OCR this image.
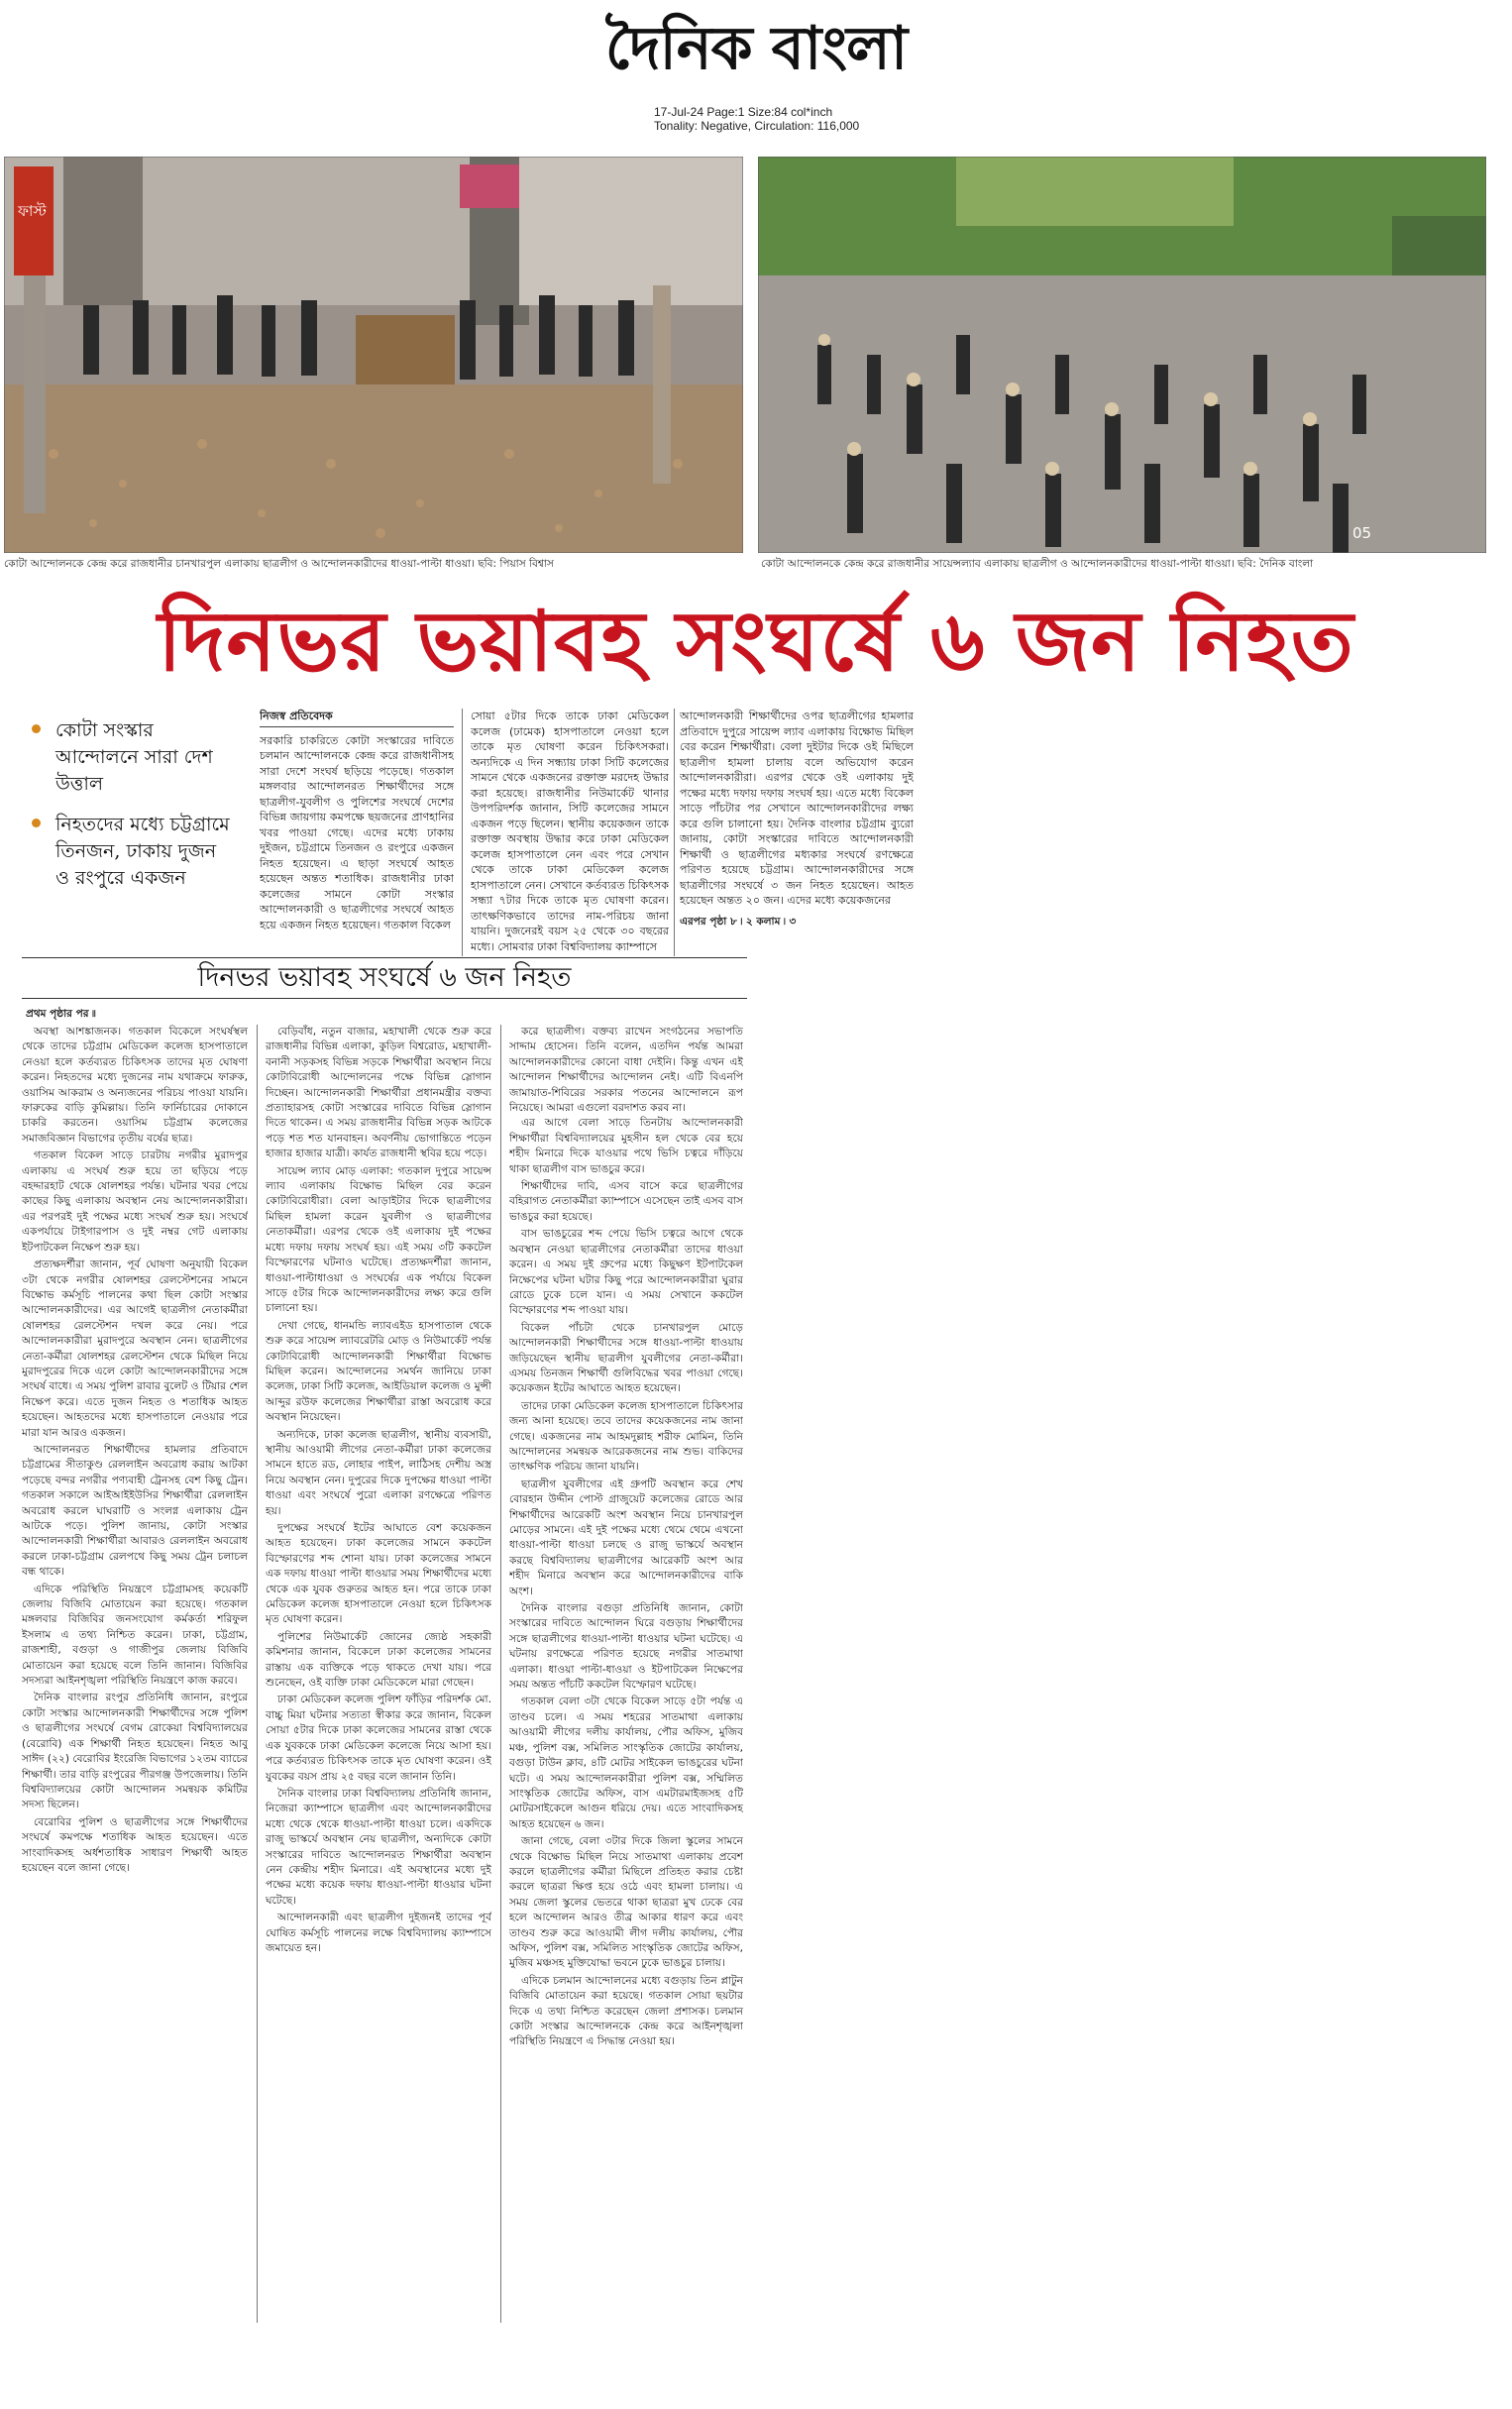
দৈনিক বাংলা
17-Jul-24 Page:1 Size:84 col*inch
Tonality: Negative, Circulation: 116,000
ফাস্ট
05
কোটা আন্দোলনকে কেন্দ্র করে রাজধানীর চানখারপুল এলাকায় ছাত্রলীগ ও আন্দোলনকারীদের ধাওয়া-পাল্টা ধাওয়া। ছবি: পিয়াস বিশ্বাস	কোটা আন্দোলনকে কেন্দ্র করে রাজধানীর সায়েন্সল্যাব এলাকায় ছাত্রলীগ ও আন্দোলনকারীদের ধাওয়া-পাল্টা ধাওয়া। ছবি: দৈনিক বাংলা
দিনভর ভয়াবহ সংঘর্ষে ৬ জন নিহত
কোটা সংস্কার আন্দোলনে সারা দেশ উত্তাল
নিহতদের মধ্যে চট্টগ্রামে তিনজন, ঢাকায় দুজন ও রংপুরে একজন
নিজস্ব প্রতিবেদক
সরকারি চাকরিতে কোটা সংস্কারের দাবিতে চলমান আন্দোলনকে কেন্দ্র করে রাজধানীসহ সারা দেশে সংঘর্ষ ছড়িয়ে পড়েছে। গতকাল মঙ্গলবার আন্দোলনরত শিক্ষার্থীদের সঙ্গে ছাত্রলীগ-যুবলীগ ও পুলিশের সংঘর্ষে দেশের বিভিন্ন জায়গায় কমপক্ষে ছয়জনের প্রাণহানির খবর পাওয়া গেছে। এদের মধ্যে ঢাকায় দুইজন, চট্টগ্রামে তিনজন ও রংপুরে একজন নিহত হয়েছেন। এ ছাড়া সংঘর্ষে আহত হয়েছেন অন্তত শতাধিক। রাজধানীর ঢাকা কলেজের সামনে কোটা সংস্কার আন্দোলনকারী ও ছাত্রলীগের সংঘর্ষে আহত হয়ে একজন নিহত হয়েছেন। গতকাল বিকেল
সোয়া ৫টার দিকে তাকে ঢাকা মেডিকেল কলেজ (ঢামেক) হাসপাতালে নেওয়া হলে তাকে মৃত ঘোষণা করেন চিকিৎসকরা। অন্যদিকে এ দিন সন্ধ্যায় ঢাকা সিটি কলেজের সামনে থেকে একজনের রক্তাক্ত মরদেহ উদ্ধার করা হয়েছে। রাজধানীর নিউমার্কেট থানার উপপরিদর্শক জানান, সিটি কলেজের সামনে একজন পড়ে ছিলেন। স্থানীয় কয়েকজন তাকে রক্তাক্ত অবস্থায় উদ্ধার করে ঢাকা মেডিকেল কলেজ হাসপাতালে নেন এবং পরে সেখান থেকে তাকে ঢাকা মেডিকেল কলেজ হাসপাতালে নেন। সেখানে কর্তব্যরত চিকিৎসক সন্ধ্যা ৭টার দিকে তাকে মৃত ঘোষণা করেন। তাৎক্ষণিকভাবে তাদের নাম-পরিচয় জানা যায়নি। দুজনেরই বয়স ২৫ থেকে ৩০ বছরের মধ্যে। সোমবার ঢাকা বিশ্ববিদ্যালয় ক্যাম্পাসে
আন্দোলনকারী শিক্ষার্থীদের ওপর ছাত্রলীগের হামলার প্রতিবাদে দুপুরে সায়েন্স ল্যাব এলাকায় বিক্ষোভ মিছিল বের করেন শিক্ষার্থীরা। বেলা দুইটার দিকে ওই মিছিলে ছাত্রলীগ হামলা চালায় বলে অভিযোগ করেন আন্দোলনকারীরা। এরপর থেকে ওই এলাকায় দুই পক্ষের মধ্যে দফায় দফায় সংঘর্ষ হয়। এতে মধ্যে বিকেল সাড়ে পাঁচটার পর সেখানে আন্দোলনকারীদের লক্ষ্য করে গুলি চালানো হয়। দৈনিক বাংলার চট্টগ্রাম ব্যুরো জানায়, কোটা সংস্কারের দাবিতে আন্দোলনকারী শিক্ষার্থী ও ছাত্রলীগের মধ্যকার সংঘর্ষে রণক্ষেত্রে পরিণত হয়েছে চট্টগ্রাম। আন্দোলনকারীদের সঙ্গে ছাত্রলীগের সংঘর্ষে ৩ জন নিহত হয়েছেন। আহত হয়েছেন অন্তত ২০ জন। এদের মধ্যে কয়েকজনের
এরপর পৃষ্ঠা ৮ ৷ ২ কলাম ৷ ৩
দিনভর ভয়াবহ সংঘর্ষে ৬ জন নিহত
প্রথম পৃষ্ঠার পর ৷৷

অবস্থা আশঙ্কাজনক। গতকাল বিকেলে সংঘর্ষস্থল থেকে তাদের চট্টগ্রাম মেডিকেল কলেজ হাসপাতালে নেওয়া হলে কর্তব্যরত চিকিৎসক তাদের মৃত ঘোষণা করেন। নিহতদের মধ্যে দুজনের নাম যথাক্রমে ফারুক, ওয়াসিম আকরাম ও অন্যজনের পরিচয় পাওয়া যায়নি। ফারুকের বাড়ি কুমিল্লায়। তিনি ফার্নিচারের দোকানে চাকরি করতেন। ওয়াসিম চট্টগ্রাম কলেজের সমাজবিজ্ঞান বিভাগের তৃতীয় বর্ষের ছাত্র।

গতকাল বিকেল সাড়ে চারটায় নগরীর মুরাদপুর এলাকায় এ সংঘর্ষ শুরু হয়ে তা ছড়িয়ে পড়ে বহদ্দারহাট থেকে ষোলশহর পর্যন্ত। ঘটনার খবর পেয়ে কাছের কিছু এলাকায় অবস্থান নেয় আন্দোলনকারীরা। এর পরপরই দুই পক্ষের মধ্যে সংঘর্ষ শুরু হয়। সংঘর্ষে একপর্যায়ে টাইগারপাস ও দুই নম্বর গেট এলাকায় ইটপাটকেল নিক্ষেপ শুরু হয়।

প্রত্যক্ষদর্শীরা জানান, পূর্ব ঘোষণা অনুযায়ী বিকেল ৩টা থেকে নগরীর ষোলশহর রেলস্টেশনের সামনে বিক্ষোভ কর্মসূচি পালনের কথা ছিল কোটা সংস্কার আন্দোলনকারীদের। এর আগেই ছাত্রলীগ নেতাকর্মীরা ষোলশহর রেলস্টেশন দখল করে নেয়। পরে আন্দোলনকারীরা মুরাদপুরে অবস্থান নেন। ছাত্রলীগের নেতা-কর্মীরা ষোলশহর রেলস্টেশন থেকে মিছিল নিয়ে মুরাদপুরের দিকে এলে কোটা আন্দোলনকারীদের সঙ্গে সংঘর্ষ বাধে। এ সময় পুলিশ রাবার বুলেট ও টিয়ার শেল নিক্ষেপ করে। এতে দুজন নিহত ও শতাধিক আহত হয়েছেন। আহতদের মধ্যে হাসপাতালে নেওয়ার পরে মারা যান আরও একজন।

আন্দোলনরত শিক্ষার্থীদের হামলার প্রতিবাদে চট্টগ্রামের সীতাকুণ্ড রেললাইন অবরোধ করায় আটকা পড়েছে বন্দর নগরীর পণ্যবাহী ট্রেনসহ বেশ কিছু ট্রেন। গতকাল সকালে আইআইইউসির শিক্ষার্থীরা রেললাইন অবরোধ করলে ঘাঘরাটি ও সংলগ্ন এলাকায় ট্রেন আটকে পড়ে। পুলিশ জানায়, কোটা সংস্কার আন্দোলনকারী শিক্ষার্থীরা আবারও রেললাইন অবরোধ করলে ঢাকা-চট্টগ্রাম রেলপথে কিছু সময় ট্রেন চলাচল বন্ধ থাকে।

এদিকে পরিস্থিতি নিয়ন্ত্রণে চট্টগ্রামসহ কয়েকটি জেলায় বিজিবি মোতায়েন করা হয়েছে। গতকাল মঙ্গলবার বিজিবির জনসংযোগ কর্মকর্তা শরিফুল ইসলাম এ তথ্য নিশ্চিত করেন। ঢাকা, চট্টগ্রাম, রাজশাহী, বগুড়া ও গাজীপুর জেলায় বিজিবি মোতায়েন করা হয়েছে বলে তিনি জানান। বিজিবির সদস্যরা আইনশৃঙ্খলা পরিস্থিতি নিয়ন্ত্রণে কাজ করবে।

দৈনিক বাংলার রংপুর প্রতিনিধি জানান, রংপুরে কোটা সংস্কার আন্দোলনকারী শিক্ষার্থীদের সঙ্গে পুলিশ ও ছাত্রলীগের সংঘর্ষে বেগম রোকেয়া বিশ্ববিদ্যালয়ের (বেরোবি) এক শিক্ষার্থী নিহত হয়েছেন। নিহত আবু সাঈদ (২২) বেরোবির ইংরেজি বিভাগের ১২তম ব্যাচের শিক্ষার্থী। তার বাড়ি রংপুরের পীরগঞ্জ উপজেলায়। তিনি বিশ্ববিদ্যালয়ের কোটা আন্দোলন সমন্বয়ক কমিটির সদস্য ছিলেন।

বেরোবির পুলিশ ও ছাত্রলীগের সঙ্গে শিক্ষার্থীদের সংঘর্ষে কমপক্ষে শতাধিক আহত হয়েছেন। এতে সাংবাদিকসহ অর্ধশতাধিক সাধারণ শিক্ষার্থী আহত হয়েছেন বলে জানা গেছে।

বেড়িবাঁধ, নতুন বাজার, মহাখালী থেকে শুরু করে রাজধানীর বিভিন্ন এলাকা, কুড়িল বিশ্বরোড, মহাখালী-বনানী সড়কসহ বিভিন্ন সড়কে শিক্ষার্থীরা অবস্থান নিয়ে কোটাবিরোধী আন্দোলনের পক্ষে বিভিন্ন স্লোগান দিচ্ছেন। আন্দোলনকারী শিক্ষার্থীরা প্রধানমন্ত্রীর বক্তব্য প্রত্যাহারসহ কোটা সংস্কারের দাবিতে বিভিন্ন স্লোগান দিতে থাকেন। এ সময় রাজধানীর বিভিন্ন সড়ক আটকে পড়ে শত শত যানবাহন। অবর্ণনীয় ভোগান্তিতে পড়েন হাজার হাজার যাত্রী। কার্যত রাজধানী স্থবির হয়ে পড়ে।

সায়েন্স ল্যাব মোড় এলাকা: গতকাল দুপুরে সায়েন্স ল্যাব এলাকায় বিক্ষোভ মিছিল বের করেন কোটাবিরোধীরা। বেলা আড়াইটার দিকে ছাত্রলীগের মিছিল হামলা করেন যুবলীগ ও ছাত্রলীগের নেতাকর্মীরা। এরপর থেকে ওই এলাকায় দুই পক্ষের মধ্যে দফায় দফায় সংঘর্ষ হয়। এই সময় ৩টি ককটেল বিস্ফোরণের ঘটনাও ঘটেছে। প্রত্যক্ষদর্শীরা জানান, ধাওয়া-পাল্টাধাওয়া ও সংঘর্ষের এক পর্যায়ে বিকেল সাড়ে ৫টার দিকে আন্দোলনকারীদের লক্ষ্য করে গুলি চালানো হয়।

দেখা গেছে, ধানমন্ডি ল্যাবএইড হাসপাতাল থেকে শুরু করে সায়েন্স ল্যাবরেটরি মোড় ও নিউমার্কেট পর্যন্ত কোটাবিরোধী আন্দোলনকারী শিক্ষার্থীরা বিক্ষোভ মিছিল করেন। আন্দোলনের সমর্থন জানিয়ে ঢাকা কলেজ, ঢাকা সিটি কলেজ, আইডিয়াল কলেজ ও মুন্সী আব্দুর রউফ কলেজের শিক্ষার্থীরা রাস্তা অবরোধ করে অবস্থান নিয়েছেন।

অন্যদিকে, ঢাকা কলেজ ছাত্রলীগ, স্থানীয় ব্যবসায়ী, স্থানীয় আওয়ামী লীগের নেতা-কর্মীরা ঢাকা কলেজের সামনে হাতে রড, লোহার পাইপ, লাঠিসহ দেশীয় অস্ত্র নিয়ে অবস্থান নেন। দুপুরের দিকে দুপক্ষের ধাওয়া পাল্টা ধাওয়া এবং সংঘর্ষে পুরো এলাকা রণক্ষেত্রে পরিণত হয়।

দুপক্ষের সংঘর্ষে ইটের আঘাতে বেশ কয়েকজন আহত হয়েছেন। ঢাকা কলেজের সামনে ককটেল বিস্ফোরণের শব্দ শোনা যায়। ঢাকা কলেজের সামনে এক দফায় ধাওয়া পাল্টা ধাওয়ার সময় শিক্ষার্থীদের মধ্যে থেকে এক যুবক গুরুতর আহত হন। পরে তাকে ঢাকা মেডিকেল কলেজ হাসপাতালে নেওয়া হলে চিকিৎসক মৃত ঘোষণা করেন।

পুলিশের নিউমার্কেট জোনের জ্যেষ্ঠ সহকারী কমিশনার জানান, বিকেলে ঢাকা কলেজের সামনের রাস্তায় এক ব্যক্তিকে পড়ে থাকতে দেখা যায়। পরে শুনেছেন, ওই ব্যক্তি ঢাকা মেডিকেলে মারা গেছেন।

ঢাকা মেডিকেল কলেজ পুলিশ ফাঁড়ির পরিদর্শক মো. বাচ্চু মিয়া ঘটনার সত্যতা স্বীকার করে জানান, বিকেল সোয়া ৫টার দিকে ঢাকা কলেজের সামনের রাস্তা থেকে এক যুবককে ঢাকা মেডিকেল কলেজে নিয়ে আসা হয়। পরে কর্তব্যরত চিকিৎসক তাকে মৃত ঘোষণা করেন। ওই যুবকের বয়স প্রায় ২৫ বছর বলে জানান তিনি।

দৈনিক বাংলার ঢাকা বিশ্ববিদ্যালয় প্রতিনিধি জানান, নিজেরা ক্যাম্পাসে ছাত্রলীগ এবং আন্দোলনকারীদের মধ্যে থেকে থেকে ধাওয়া-পাল্টা ধাওয়া চলে। একদিকে রাজু ভাস্কর্যে অবস্থান নেয় ছাত্রলীগ, অন্যদিকে কোটা সংস্কারের দাবিতে আন্দোলনরত শিক্ষার্থীরা অবস্থান নেন কেন্দ্রীয় শহীদ মিনারে। এই অবস্থানের মধ্যে দুই পক্ষের মধ্যে কয়েক দফায় ধাওয়া-পাল্টা ধাওয়ার ঘটনা ঘটেছে।

আন্দোলনকারী এবং ছাত্রলীগ দুইজনই তাদের পূর্ব ঘোষিত কর্মসূচি পালনের লক্ষে বিশ্ববিদ্যালয় ক্যাম্পাসে জমায়েত হন।

করে ছাত্রলীগ। বক্তব্য রাখেন সংগঠনের সভাপতি সাদ্দাম হোসেন। তিনি বলেন, এতদিন পর্যন্ত আমরা আন্দোলনকারীদের কোনো বাধা দেইনি। কিন্তু এখন এই আন্দোলন শিক্ষার্থীদের আন্দোলন নেই। এটি বিএনপি জামায়াত-শিবিরের সরকার পতনের আন্দোলনে রূপ নিয়েছে। আমরা এগুলো বরদাশত করব না।

এর আগে বেলা সাড়ে তিনটায় আন্দোলনকারী শিক্ষার্থীরা বিশ্ববিদ্যালয়ের মুহসীন হল থেকে বের হয়ে শহীদ মিনারে দিকে যাওয়ার পথে ভিসি চত্বরে দাঁড়িয়ে থাকা ছাত্রলীগ বাস ভাঙচুর করে।

শিক্ষার্থীদের দাবি, এসব বাসে করে ছাত্রলীগের বহিরাগত নেতাকর্মীরা ক্যাম্পাসে এসেছেন তাই এসব বাস ভাঙচুর করা হয়েছে।

বাস ভাঙচুরের শব্দ পেয়ে ভিসি চত্বরে আগে থেকে অবস্থান নেওয়া ছাত্রলীগের নেতাকর্মীরা তাদের ধাওয়া করেন। এ সময় দুই গ্রুপের মধ্যে কিছুক্ষণ ইটপাটকেল নিক্ষেপের ঘটনা ঘটার কিছু পরে আন্দোলনকারীরা ঘুরার রোডে ঢুকে চলে যান। এ সময় সেখানে ককটেল বিস্ফোরণের শব্দ পাওয়া যায়।

বিকেল পাঁচটা থেকে চানখারপুল মোড়ে আন্দোলনকারী শিক্ষার্থীদের সঙ্গে ধাওয়া-পাল্টা ধাওয়ায় জড়িয়েছেন স্থানীয় ছাত্রলীগ যুবলীগের নেতা-কর্মীরা। এসময় তিনজন শিক্ষার্থী গুলিবিদ্ধের খবর পাওয়া গেছে। কয়েকজন ইটের আঘাতে আহত হয়েছেন।

তাদের ঢাকা মেডিকেল কলেজ হাসপাতালে চিকিৎসার জন্য আনা হয়েছে। তবে তাদের কয়েকজনের নাম জানা গেছে। একজনের নাম আহমদুল্লাহ শরীফ মোমিন, তিনি আন্দোলনের সমন্বয়ক আরেকজনের নাম শুভ। বাকিদের তাৎক্ষণিক পরিচয় জানা যায়নি।

ছাত্রলীগ যুবলীগের এই গ্রুপটি অবস্থান করে শেখ বোরহান উদ্দীন পোস্ট গ্রাজুয়েট কলেজের রোডে আর শিক্ষার্থীদের আরেকটি অংশ অবস্থান নিয়ে চানখারপুল মোড়ের সামনে। এই দুই পক্ষের মধ্যে থেমে থেমে এখনো ধাওয়া-পাল্টা ধাওয়া চলছে ও রাজু ভাস্কর্যে অবস্থান করছে বিশ্ববিদ্যালয় ছাত্রলীগের আরেকটি অংশ আর শহীদ মিনারে অবস্থান করে আন্দোলনকারীদের বাকি অংশ।

দৈনিক বাংলার বগুড়া প্রতিনিধি জানান, কোটা সংস্কারের দাবিতে আন্দোলন ঘিরে বগুড়ায় শিক্ষার্থীদের সঙ্গে ছাত্রলীগের ধাওয়া-পাল্টা ধাওয়ার ঘটনা ঘটেছে। এ ঘটনায় রণক্ষেত্রে পরিণত হয়েছে নগরীর সাতমাথা এলাকা। ধাওয়া পাল্টা-ধাওয়া ও ইটপাটকেল নিক্ষেপের সময় অন্তত পাঁচটি ককটেল বিস্ফোরণ ঘটেছে।

গতকাল বেলা ৩টা থেকে বিকেল সাড়ে ৫টা পর্যন্ত এ তাণ্ডব চলে। এ সময় শহরের সাতমাথা এলাকায় আওয়ামী লীগের দলীয় কার্যালয়, পৌর অফিস, মুজিব মঞ্চ, পুলিশ বক্স, সমিলিত সাংস্কৃতিক জোটের কার্যালয়, বগুড়া টাউন ক্লাব, ৪টি মোটর সাইকেল ভাঙচুরের ঘটনা ঘটে। এ সময় আন্দোলনকারীরা পুলিশ বক্স, সম্মিলিত সাংস্কৃতিক জোটের অফিস, বাস এমটারমাইজসহ ৫টি মোটরসাইকেলে আগুন ধরিয়ে দেয়। এতে সাংবাদিকসহ আহত হয়েছেন ৬ জন।

জানা গেছে, বেলা ৩টার দিকে জিলা স্কুলের সামনে থেকে বিক্ষোভ মিছিল নিয়ে সাতমাথা এলাকায় প্রবেশ করলে ছাত্রলীগের কর্মীরা মিছিলে প্রতিহত করার চেষ্টা করলে ছাত্ররা ক্ষিপ্ত হয়ে ওঠে এবং হামলা চালায়। এ সময় জেলা স্কুলের ভেতরে থাকা ছাত্ররা মুখ ঢেকে বের হলে আন্দোলন আরও তীব্র আকার ধারণ করে এবং তাণ্ডব শুরু করে আওয়ামী লীগ দলীয় কার্যালয়, পৌর অফিস, পুলিশ বক্স, সমিলিত সাংস্কৃতিক জোটের অফিস, মুজিব মঞ্চসহ মুক্তিযোদ্ধা ভবনে ঢুকে ভাঙচুর চালায়।

এদিকে চলমান আন্দোলনের মধ্যে বগুড়ায় তিন প্লাটুন বিজিবি মোতায়েন করা হয়েছে। গতকাল সোয়া ছয়টার দিকে এ তথ্য নিশ্চিত করেছেন জেলা প্রশাসক। চলমান কোটা সংস্কার আন্দোলনকে কেন্দ্র করে আইনশৃঙ্খলা পরিস্থিতি নিয়ন্ত্রণে এ সিদ্ধান্ত নেওয়া হয়।
